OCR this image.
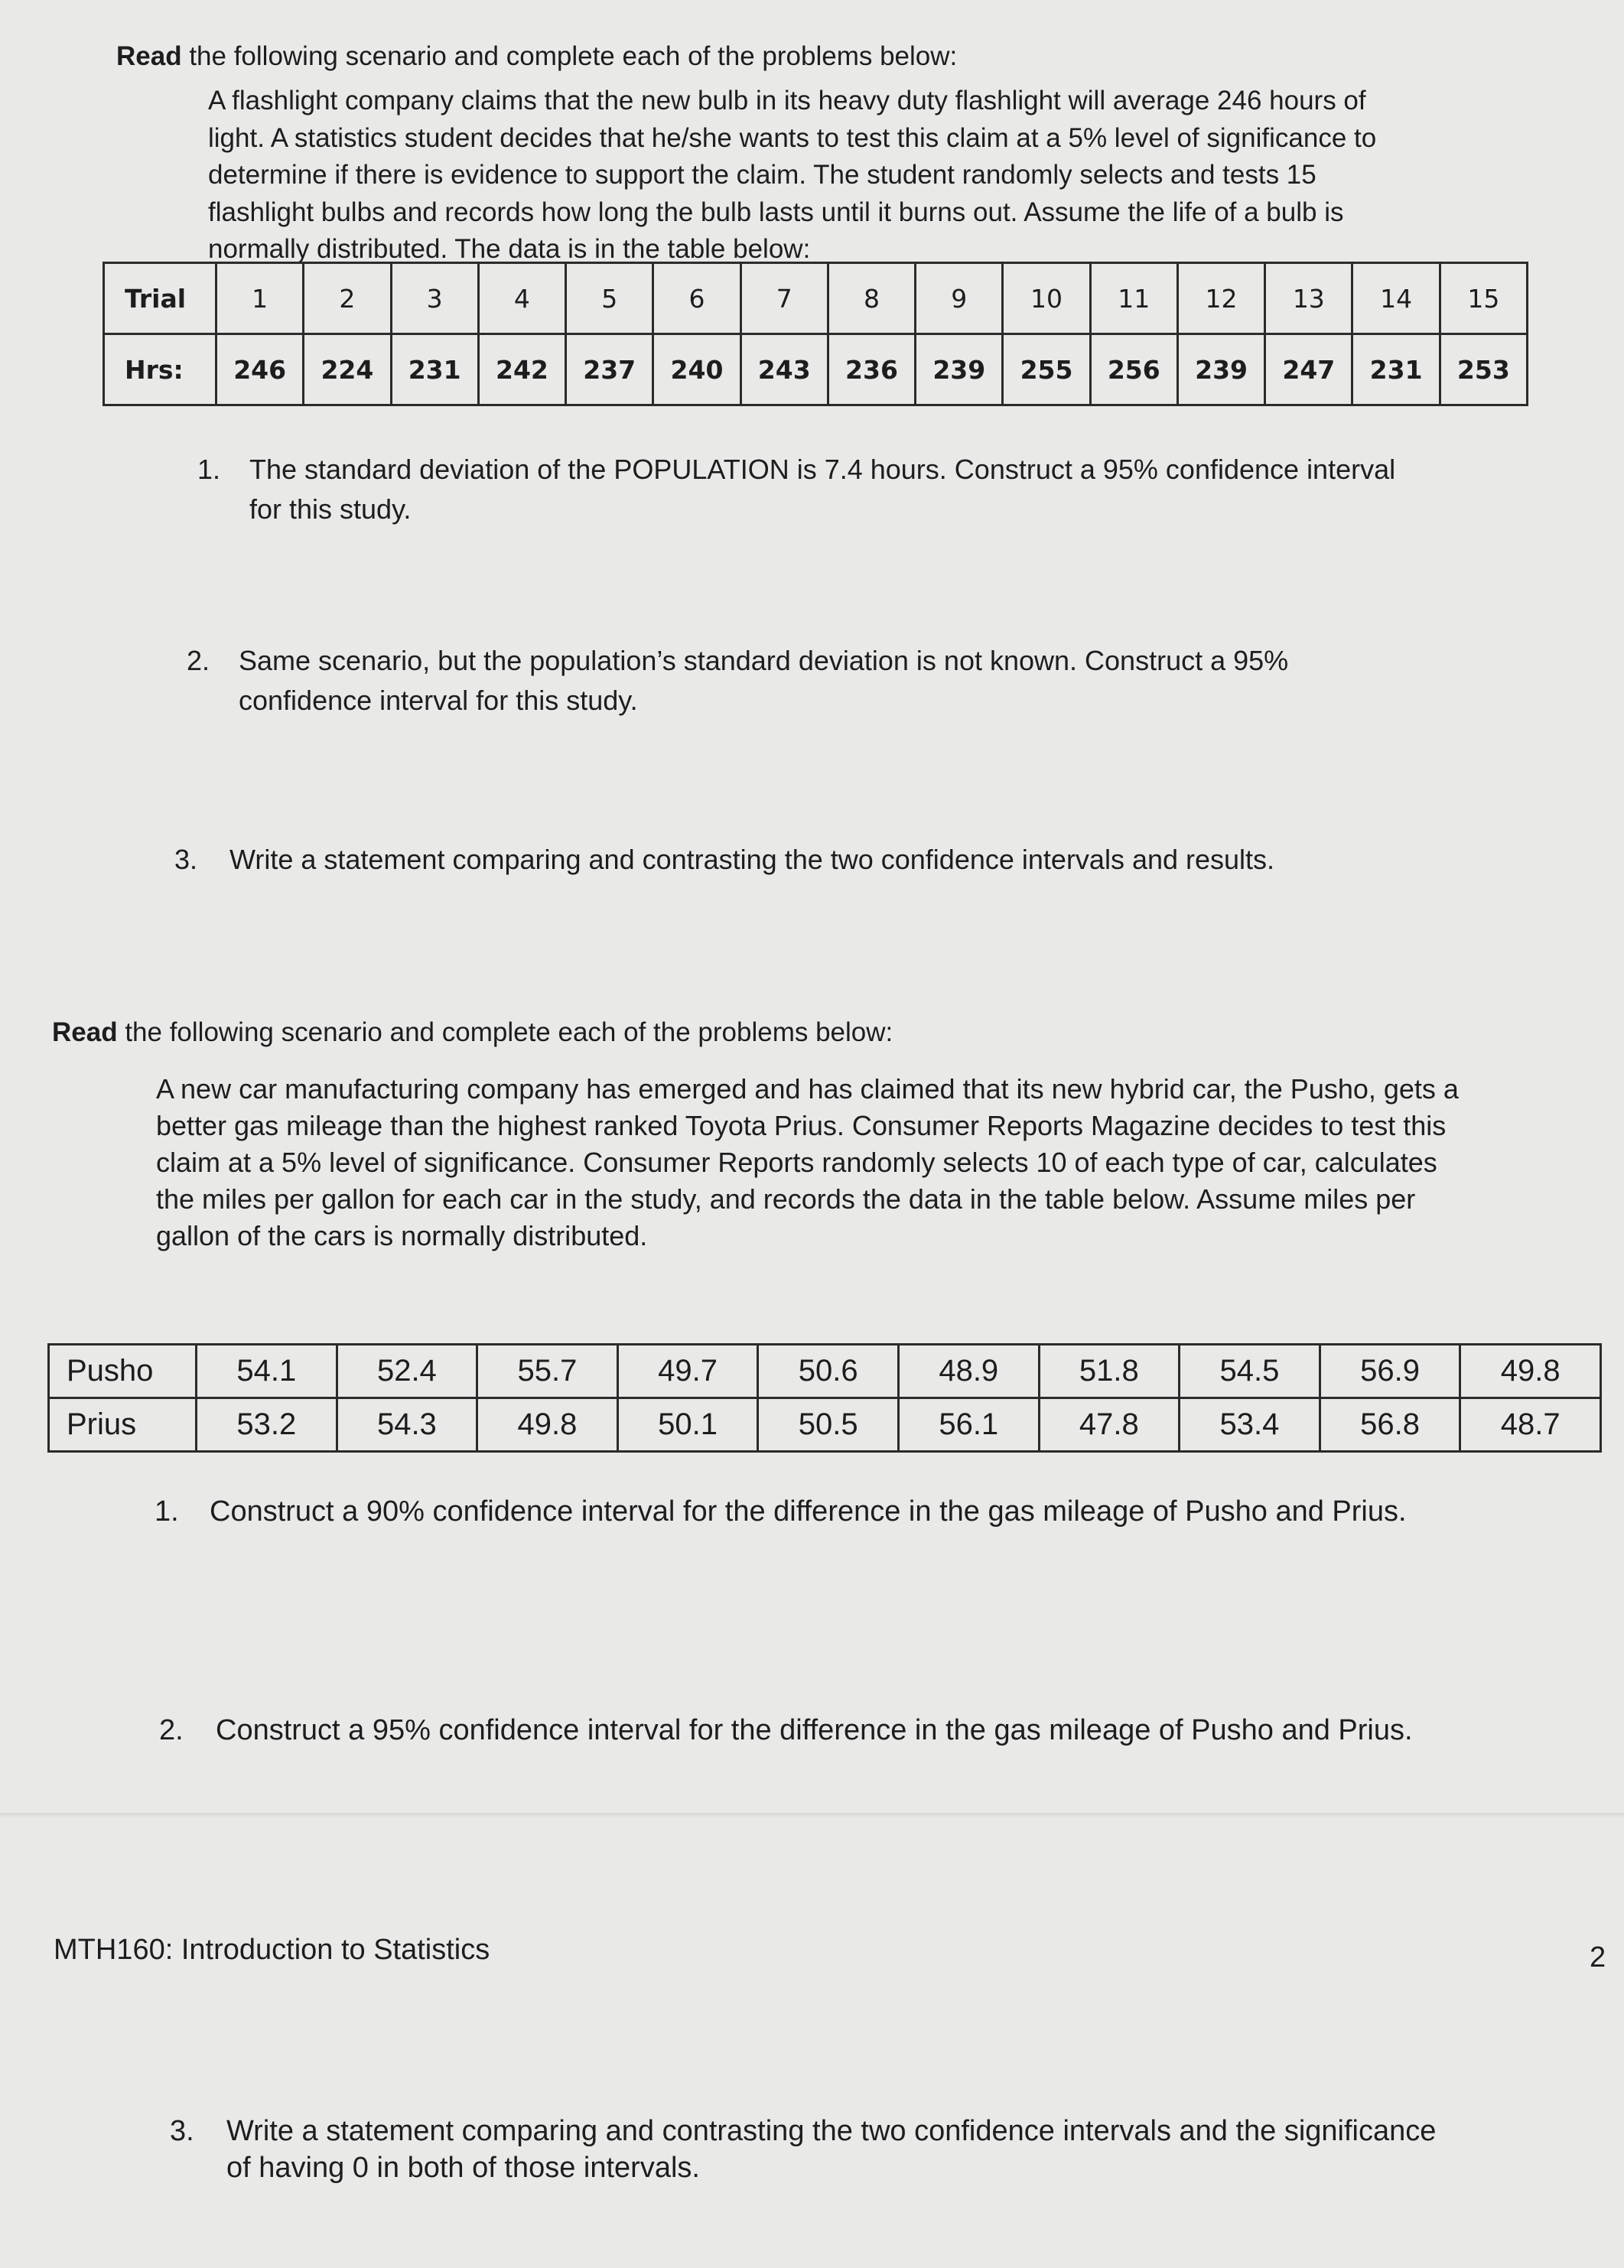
Read the following scenario and complete each of the problems below:

A flashlight company claims that the new bulb in its heavy duty flashlight will average 246 hours of light. A statistics student decides that he/she wants to test this claim at a 5% level of significance to determine if there is evidence to support the claim. The student randomly selects and tests 15 flashlight bulbs and records how long the bulb lasts until it burns out. Assume the life of a bulb is normally distributed. The data is in the table below:

Trial	1	2	3	4	5	6	7	8	9	10	11	12	13	14	15
Hrs:	246	224	231	242	237	240	243	236	239	255	256	239	247	231	253
1.	The standard deviation of the POPULATION is 7.4 hours. Construct a 95% confidence interval for this study.
2.	Same scenario, but the population’s standard deviation is not known. Construct a 95% confidence interval for this study.
3.	Write a statement comparing and contrasting the two confidence intervals and results.

Read the following scenario and complete each of the problems below:

A new car manufacturing company has emerged and has claimed that its new hybrid car, the Pusho, gets a better gas mileage than the highest ranked Toyota Prius. Consumer Reports Magazine decides to test this claim at a 5% level of significance. Consumer Reports randomly selects 10 of each type of car, calculates the miles per gallon for each car in the study, and records the data in the table below. Assume miles per gallon of the cars is normally distributed.

Pusho	54.1	52.4	55.7	49.7	50.6	48.9	51.8	54.5	56.9	49.8
Prius	53.2	54.3	49.8	50.1	50.5	56.1	47.8	53.4	56.8	48.7
1.	Construct a 90% confidence interval for the difference in the gas mileage of Pusho and Prius.
2.	Construct a 95% confidence interval for the difference in the gas mileage of Pusho and Prius.

MTH160: Introduction to Statistics	2

3.	Write a statement comparing and contrasting the two confidence intervals and the significance of having 0 in both of those intervals.
